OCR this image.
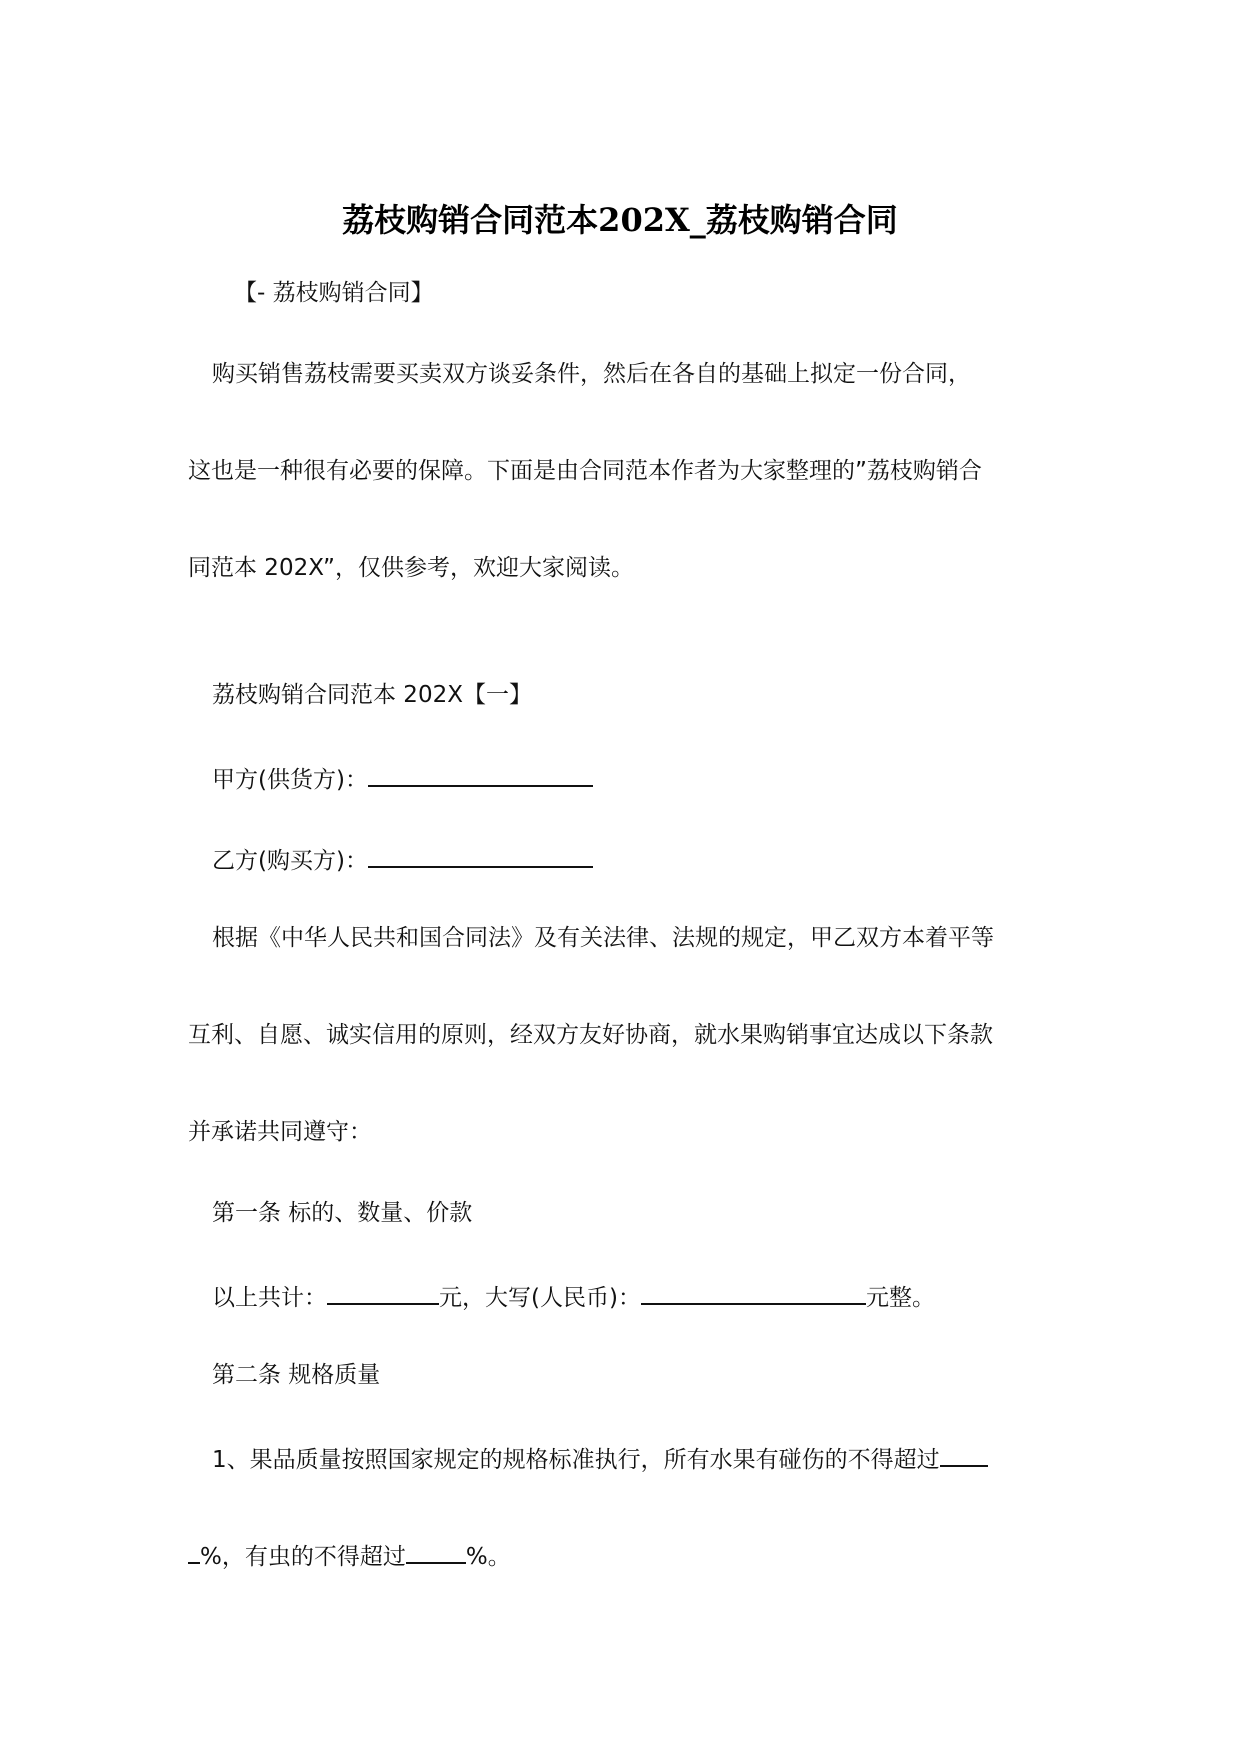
荔枝购销合同范本202X_荔枝购销合同

【- 荔枝购销合同】

购买销售荔枝需要买卖双方谈妥条件，然后在各自的基础上拟定一份合同，

这也是一种很有必要的保障。下面是由合同范本作者为大家整理的”荔枝购销合

同范本 202X”，仅供参考，欢迎大家阅读。

荔枝购销合同范本 202X【一】

甲方(供货方)：

乙方(购买方)：

根据《中华人民共和国合同法》及有关法律、法规的规定，甲乙双方本着平等

互利、自愿、诚实信用的原则，经双方友好协商，就水果购销事宜达成以下条款

并承诺共同遵守：

第一条 标的、数量、价款

以上共计：	元，大写(人民币)：	元整。

第二条 规格质量

1、果品质量按照国家规定的规格标准执行，所有水果有碰伤的不得超过

%，有虫的不得超过	%。
